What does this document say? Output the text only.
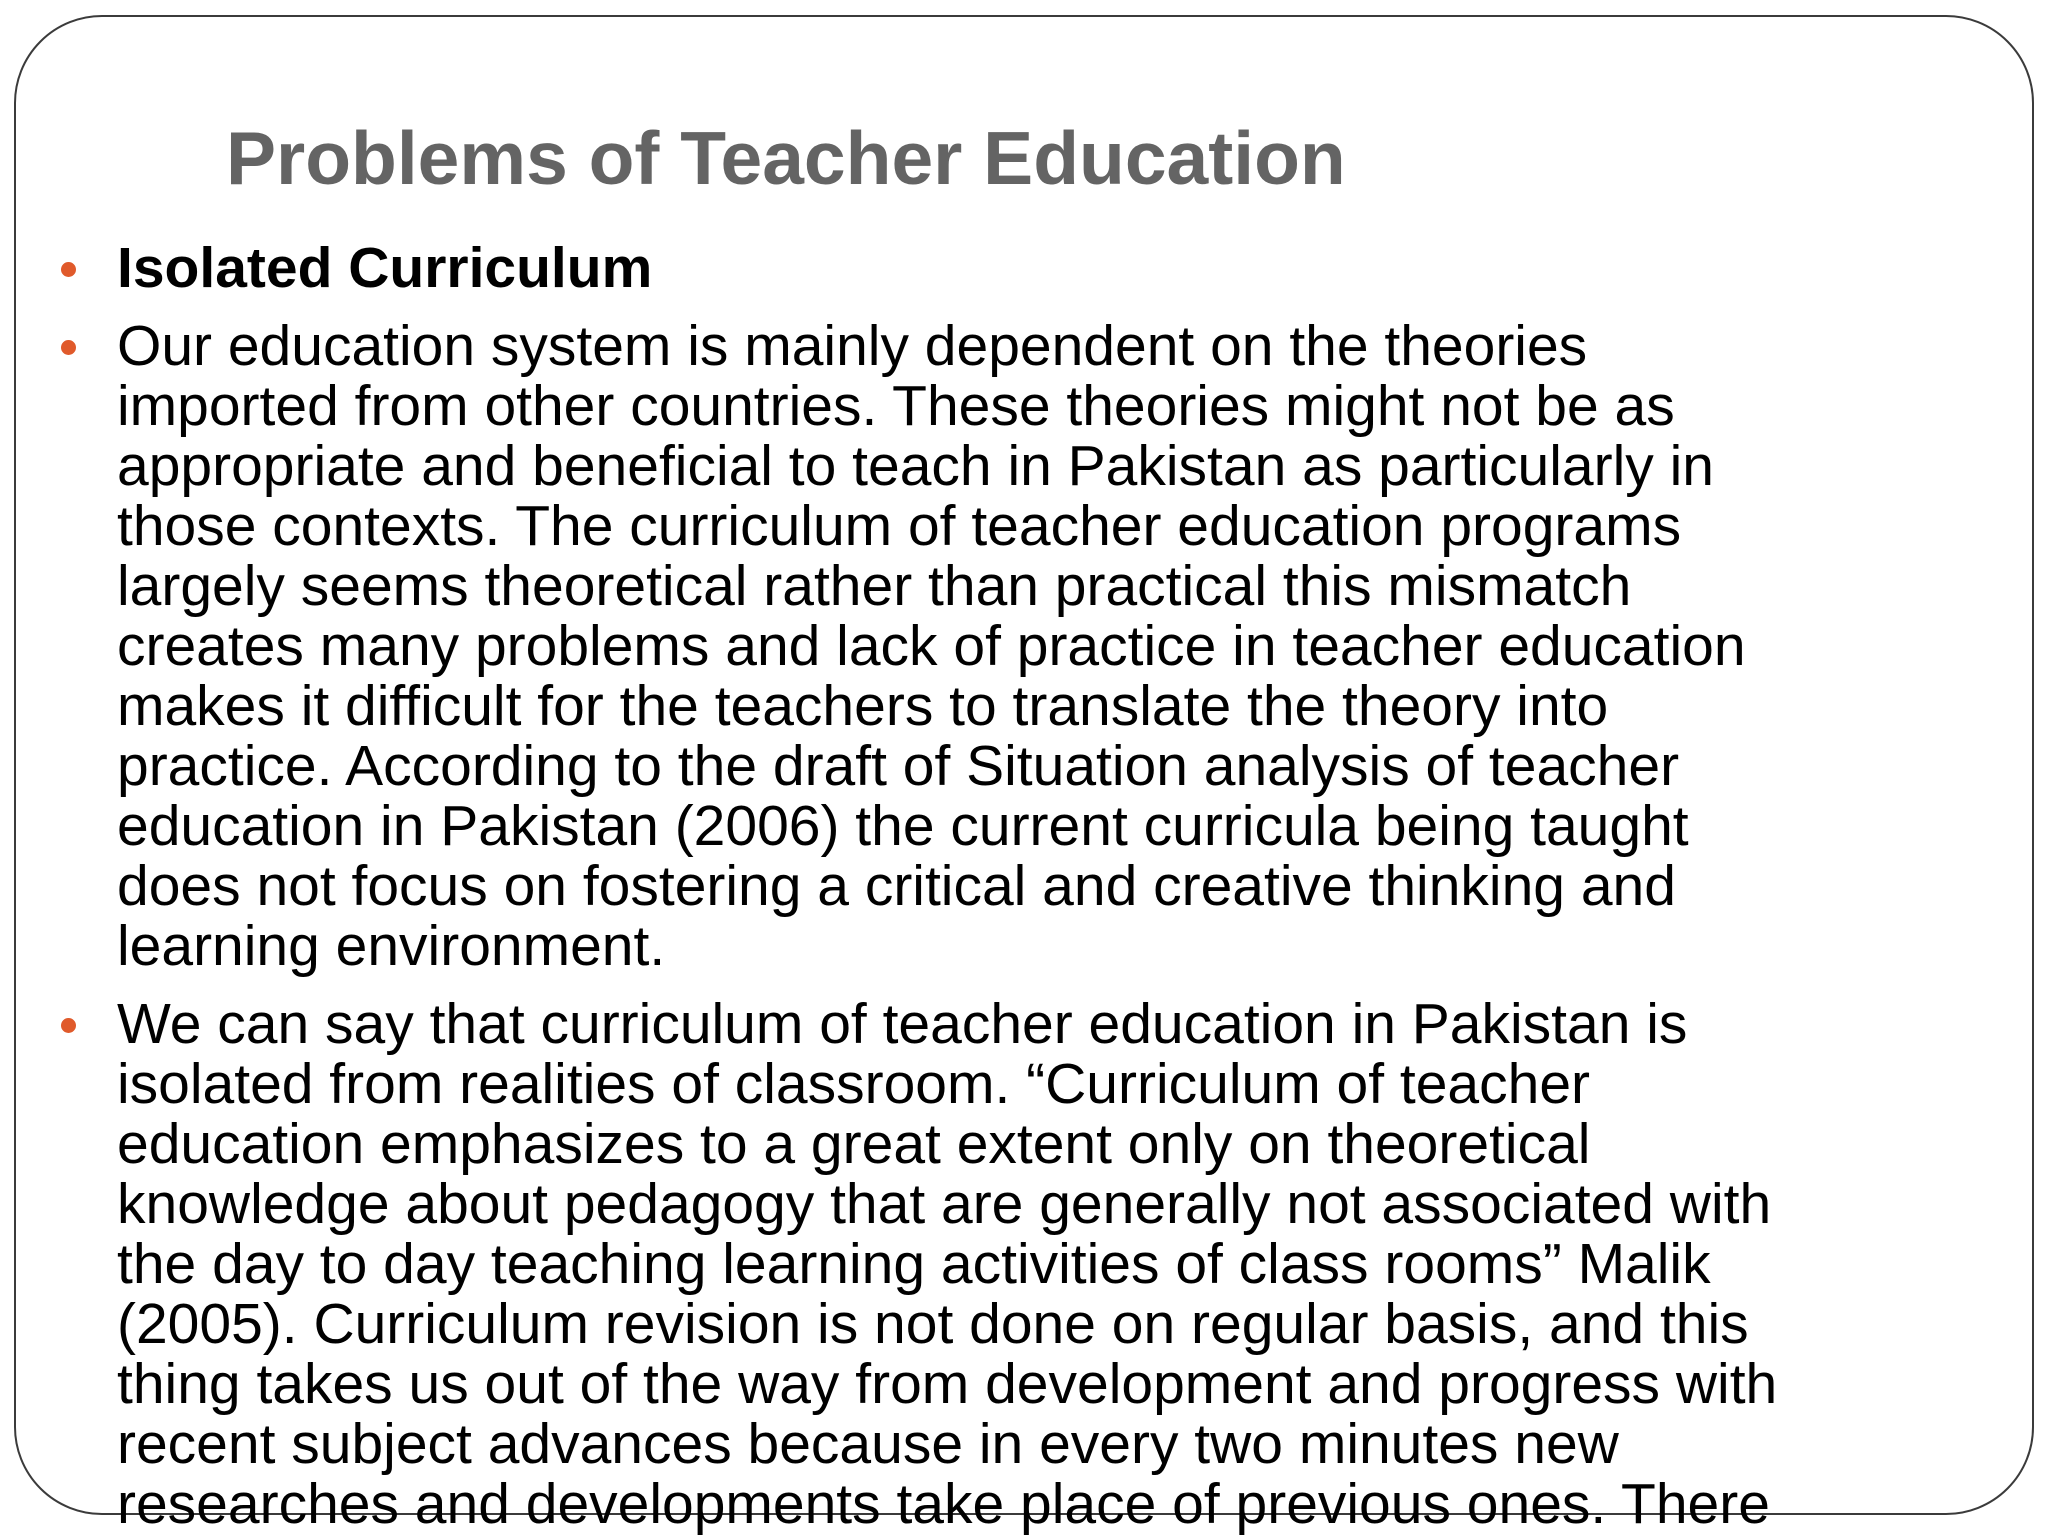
Problems of Teacher Education
Isolated Curriculum
Our education system is mainly dependent on the theories
imported from other countries. These theories might not be as
appropriate and beneficial to teach in Pakistan as particularly in
those contexts. The curriculum of teacher education programs
largely seems theoretical rather than practical this mismatch
creates many problems and lack of practice in teacher education
makes it difficult for the teachers to translate the theory into
practice. According to the draft of Situation analysis of teacher
education in Pakistan (2006) the current curricula being taught
does not focus on fostering a critical and creative thinking and
learning environment.
We can say that curriculum of teacher education in Pakistan is
isolated from realities of classroom. “Curriculum of teacher
education emphasizes to a great extent only on theoretical
knowledge about pedagogy that are generally not associated with
the day to day teaching learning activities of class rooms” Malik
(2005). Curriculum revision is not done on regular basis, and this
thing takes us out of the way from development and progress with
recent subject advances because in every two minutes new
researches and developments take place of previous ones. There
